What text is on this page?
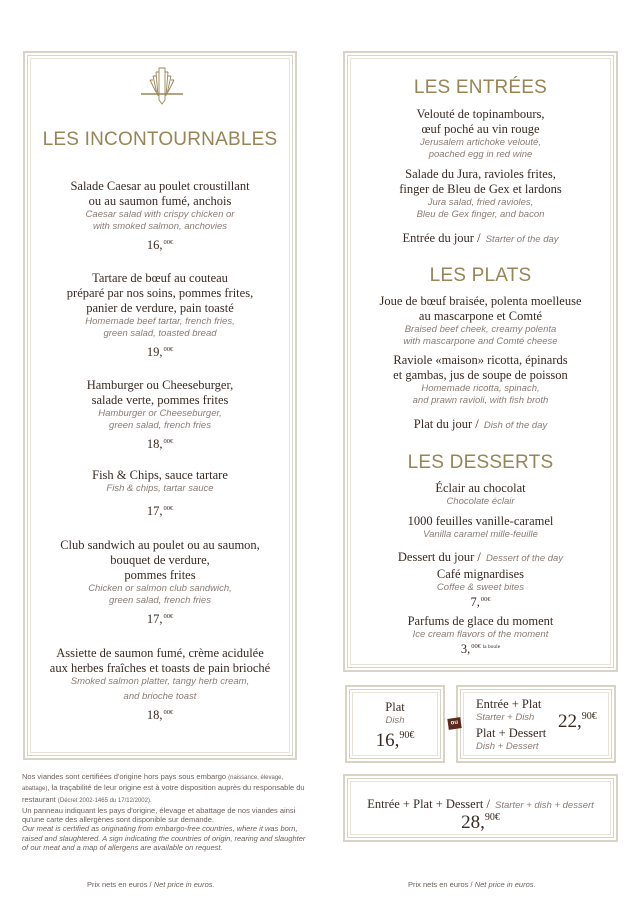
LES INCONTOURNABLES
Salade Caesar au poulet croustillant
ou au saumon fumé, anchois
Caesar salad with crispy chicken or
with smoked salmon, anchovies
16,$^{00€}$
Tartare de bœuf au couteau
préparé par nos soins, pommes frites,
panier de verdure, pain toasté
Homemade beef tartar, french fries,
green salad, toasted bread
19,$^{00€}$
Hamburger ou Cheeseburger,
salade verte, pommes frites
Hamburger or Cheeseburger,
green salad, french fries
18,$^{00€}$
Fish & Chips, sauce tartare
Fish & chips, tartar sauce
17,$^{00€}$
Club sandwich au poulet ou au saumon,
bouquet de verdure,
pommes frites
Chicken or salmon club sandwich,
green salad, french fries
17,$^{00€}$
Assiette de saumon fumé, crème acidulée
aux herbes fraîches et toasts de pain brioché
Smoked salmon platter, tangy herb cream,
and brioche toast
18,$^{00€}$
Nos viandes sont certifiées d'origine hors pays sous embargo (naissance, élevage, abattage), la traçabilité de leur origine est à votre disposition auprès du responsable du restaurant (Décret 2002-1465 du 17/12/2002).
Un panneau indiquant les pays d'origine, élevage et abattage de nos viandes ainsi qu'une carte des allergènes sont disponible sur demande.
Our meat is certified as originating from embargo-free countries, where it was born, raised and slaughtered. A sign indicating the countries of origin, rearing and slaughter of our meat and a map of allergens are available on request.
LES ENTRÉES
Velouté de topinambours,
œuf poché au vin rouge
Jerusalem artichoke velouté,
poached egg in red wine
Salade du Jura, ravioles frites,
finger de Bleu de Gex et lardons
Jura salad, fried ravioles,
Bleu de Gex finger, and bacon
Entrée du jour / Starter of the day
LES PLATS
Joue de bœuf braisée, polenta moelleuse
au mascarpone et Comté
Braised beef cheek, creamy polenta
with mascarpone and Comté cheese
Raviole «maison» ricotta, épinards
et gambas, jus de soupe de poisson
Homemade ricotta, spinach,
and prawn ravioli, with fish broth
Plat du jour / Dish of the day
LES DESSERTS
Éclair au chocolat
Chocolate éclair
1000 feuilles vanille-caramel
Vanilla caramel mille-feuille
Dessert du jour / Dessert of the day
Café mignardises
Coffee & sweet bites
7,$^{00€}$
Parfums de glace du moment
Ice cream flavors of the moment
3,$^{00€ la boule}$
Plat
Dish
16,$^{90€}$
ou
Entrée + Plat
Starter + Dish
Plat + Dessert
Dish + Dessert
22,$^{90€}$
Entrée + Plat + Dessert / Starter + dish + dessert
28,$^{90€}$
Prix nets en euros / Net price in euros.	Prix nets en euros / Net price in euros.
